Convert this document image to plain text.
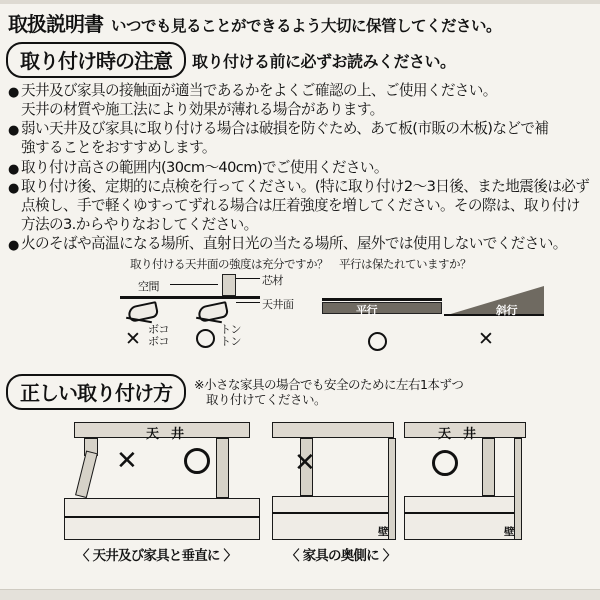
取扱説明書 いつでも見ることができるよう大切に保管してください。
取り付け時の注意	取り付ける前に必ずお読みください。
● 天井及び家具の接触面が適当であるかをよくご確認の上、ご使用ください。
天井の材質や施工法により効果が薄れる場合があります。
● 弱い天井及び家具に取り付ける場合は破損を防ぐため、あて板(市販の木板)などで補
強することをおすすめします。
● 取り付け高さの範囲内(30cm〜40cm)でご使用ください。
● 取り付け後、定期的に点検を行ってください。(特に取り付け2〜3日後、また地震後は必ず
点検し、手で軽くゆすってずれる場合は圧着強度を増してください。その際は、取り付け
方法の3.からやりなおしてください。
● 火のそばや高温になる場所、直射日光の当たる場所、屋外では使用しないでください。
取り付ける天井面の強度は充分ですか？　平行は保たれていますか？
空間	芯材
天井面
✕ ボコ
ボコ
トン
トン
平行	斜行
✕
正しい取り付け方	※小さな家具の場合でも安全のために左右1本ずつ
　取り付けてください。
天　井
✕
〈 天井及び家具と垂直に 〉
✕
壁
〈 家具の奥側に 〉
天　井
壁
